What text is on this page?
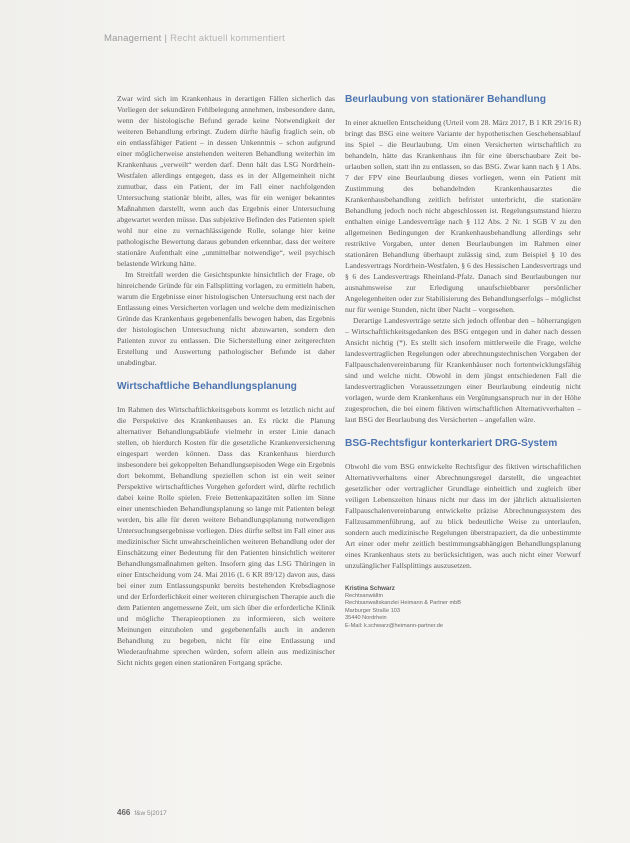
Management | Recht aktuell kommentiert

Zwar wird sich im Krankenhaus in derartigen Fällen sicherlich das Vorliegen der sekundären Fehlbelegung annehmen, insbesondere dann, wenn der histologische Befund gerade keine Notwendigkeit der weiteren Behandlung erbringt. Zudem dürfte häufig fraglich sein, ob ein entlassfähiger Patient – in dessen Unkenntnis – schon aufgrund einer möglicherweise anstehenden weiteren Behandlung weiterhin im Krankenhaus „verweilt“ werden darf. Denn hält das LSG Nordrhein-Westfalen allerdings entgegen, dass es in der Allgemeinheit nicht zumutbar, dass ein Patient, der im Fall einer nachfolgenden Untersuchung stationär bleibt, alles, was für ein weniger bekanntes Maßnahmen darstellt, wenn auch das Ergebnis einer Untersuchung abgewartet werden müsse. Das subjektive Befinden des Patienten spielt wohl nur eine zu vernachlässigende Rolle, solange hier keine pathologische Bewertung daraus gebunden erkennbar, dass der weitere stationäre Aufenthalt eine „unmittelbar notwendige“, weil psychisch belastende Wirkung hätte.

Im Streitfall werden die Gesichtspunkte hinsichtlich der Frage, ob hinreichende Gründe für ein Fallsplitting vorlagen, zu ermitteln haben, warum die Ergebnisse einer histologischen Untersuchung erst nach der Entlassung eines Versicherten vorlagen und welche dem medizinischen Gründe das Krankenhaus gegebenenfalls bewogen haben, das Ergebnis der histologischen Untersuchung nicht abzuwarten, sondern den Patienten zuvor zu entlassen. Die Sicherstellung einer zeitgerechten Erstellung und Auswertung pathologischer Befunde ist daher unabdingbar.

Wirtschaftliche Behandlungsplanung

Im Rahmen des Wirtschaftlichkeitsgebots kommt es letztlich nicht auf die Perspektive des Krankenhauses an. Es rückt die Planung alternativer Behandlungsabläufe vielmehr in erster Linie danach stellen, ob hierdurch Kosten für die gesetzliche Krankenversicherung eingespart werden können. Dass das Krankenhaus hierdurch insbesondere bei gekoppelten Behandlungsepisoden Wege ein Ergebnis dort bekommt, Behandlung speziellen schon ist ein weit seiner Perspektive wirtschaftliches Vorgehen gefordert wird, dürfte rechtlich dabei keine Rolle spielen. Freie Bettenkapazitäten sollen im Sinne einer unentschieden Behandlungsplanung so lange mit Patienten belegt werden, bis alle für deren weitere Behandlungsplanung notwendigen Untersuchungsergebnisse vorliegen. Dies dürfte selbst im Fall einer aus medizinischer Sicht unwahrscheinlichen weiteren Behandlung oder der Einschätzung einer Bedeutung für den Patienten hinsichtlich weiterer Behandlungsmaßnahmen gelten. Insofern ging das LSG Thüringen in einer Entscheidung vom 24. Mai 2016 (L 6 KR 89/12) davon aus, dass bei einer zum Entlassungspunkt bereits bestehenden Krebsdiagnose und der Erforderlichkeit einer weiteren chirurgischen Therapie auch die dem Patienten angemessene Zeit, um sich über die erforderliche Klinik und mögliche Therapieoptionen zu informieren, sich weitere Meinungen einzuholen und gegebenenfalls auch in anderen Behandlung zu begeben, nicht für eine Entlassung und Wiederaufnahme sprechen würden, sofern allein aus medizinischer Sicht nichts gegen einen stationären Fortgang spräche.

Beurlaubung von stationärer Behandlung

In einer aktuellen Entscheidung (Urteil vom 28. März 2017, B 1 KR 29/16 R) bringt das BSG eine weitere Variante der hypothetischen Geschehensablauf ins Spiel – die Beurlaubung. Um einen Versicherten wirtschaftlich zu behandeln, hätte das Krankenhaus ihn für eine überschaubare Zeit beurlauben sollen, statt ihn zu entlassen, so das BSG. Zwar kann nach § 1 Abs. 7 der FPV eine Beurlaubung dieses vorliegen, wenn ein Patient mit Zustimmung des behandelnden Krankenhausarztes die Krankenhausbehandlung zeitlich befristet unterbricht, die stationäre Behandlung jedoch noch nicht abgeschlossen ist. Regelungsumstand hierzu enthalten einige Landesverträge nach § 112 Abs. 2 Nr. 1 SGB V zu den allgemeinen Bedingungen der Krankenhausbehandlung allerdings sehr restriktive Vorgaben, unter denen Beurlaubungen im Rahmen einer stationären Behandlung überhaupt zulässig sind, zum Beispiel § 10 des Landesvertrags Nordrhein-Westfalen, § 6 des Hessischen Landesvertrags und § 6 des Landesvertrags Rheinland-Pfalz. Danach sind Beurlaubungen nur ausnahmsweise zur Erledigung unaufschiebbarer persönlicher Angelegenheiten oder zur Stabilisierung des Behandlungserfolgs – möglichst nur für wenige Stunden, nicht über Nacht – vorgesehen.

Derartige Landesverträge setzte sich jedoch offenbar den – höherrangigen – Wirtschaftlichkeitsgedanken des BSG entgegen und in daher nach dessen Ansicht nichtig (*). Es stellt sich insofern mittlerweile die Frage, welche landesvertraglichen Regelungen oder abrechnungstechnischen Vorgaben der Fallpauschalenvereinbarung für Krankenhäuser noch fortentwicklungsfähig sind und welche nicht. Obwohl in dem jüngst entschiedenen Fall die landesvertraglichen Voraussetzungen einer Beurlaubung eindeutig nicht vorlagen, wurde dem Krankenhaus ein Vergütungsanspruch nur in der Höhe zugesprochen, die bei einem fiktiven wirtschaftlichen Alternativverhalten – laut BSG der Beurlaubung des Versicherten – angefallen wäre.

BSG-Rechtsfigur konterkariert DRG-System

Obwohl die vom BSG entwickelte Rechtsfigur des fiktiven wirtschaftlichen Alternativverhaltens einer Abrechnungsregel darstellt, die ungeachtet gesetzlicher oder vertraglicher Grundlage einheitlich und zugleich über veiligen Lebenszeiten hinaus nicht nur dass im der jährlich aktualisierten Fallpauschalenvereinbarung entwickelte präzise Abrechnungssystem des Fallzusammenführung, auf zu blick bedeutliche Weise zu unterlaufen, sondern auch medizinische Regelungen überstrapaziert, da die unbestimmte Art einer oder mehr zeitlich bestimmungsabhängigen Behandlungsplanung eines Krankenhaus stets zu berücksichtigen, was auch nicht einer Vorwurf unzulänglicher Fallsplittings auszusetzen.

Kristina Schwarz
Rechtsanwältin
Rechtsanwaltskanzlei Heimann & Partner mbB
Marburger Straße 103
35440 Nordrhein
E-Mail: k.schwarz@heimann-partner.de
466 f&w 5|2017
